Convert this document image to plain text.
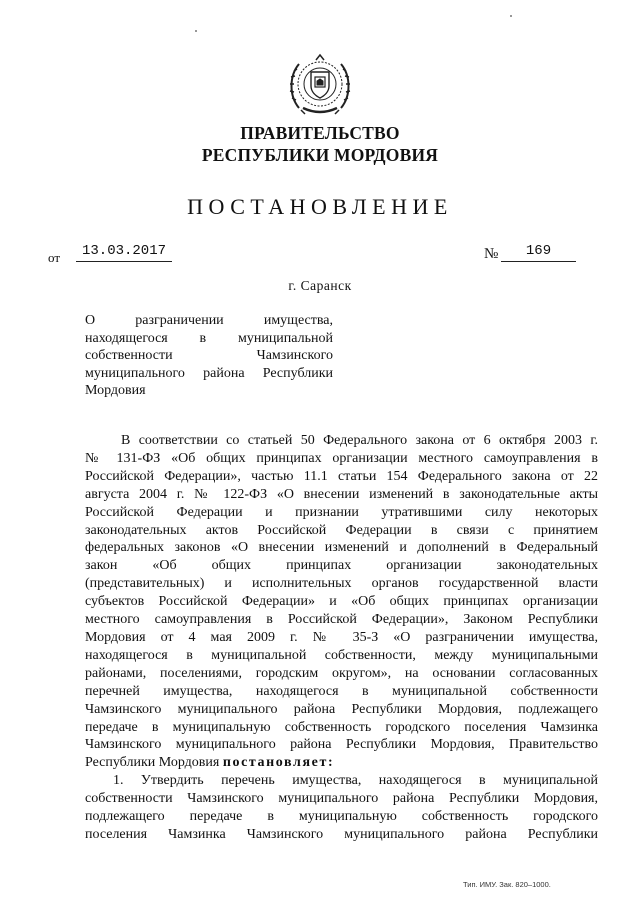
ПРАВИТЕЛЬСТВО
РЕСПУБЛИКИ МОРДОВИЯ
ПОСТАНОВЛЕНИЕ
от	13.03.2017	№	169
г. Саранск
О разграничении имущества,
находящегося в муниципальной
собственности Чамзинского
муниципального района Республики
Мордовия
В соответствии со статьей 50 Федерального закона от 6 октября 2003 г.
№ 131-ФЗ «Об общих принципах организации местного самоуправления в
Российской Федерации», частью 11.1 статьи 154 Федерального закона от 22
августа 2004 г. № 122-ФЗ «О внесении изменений в законодательные акты
Российской Федерации и признании утратившими силу некоторых
законодательных актов Российской Федерации в связи с принятием
федеральных законов «О внесении изменений и дополнений в Федеральный
закон «Об общих принципах организации законодательных
(представительных) и исполнительных органов государственной власти
субъектов Российской Федерации» и «Об общих принципах организации
местного самоуправления в Российской Федерации», Законом Республики
Мордовия от 4 мая 2009 г. № 35-З «О разграничении имущества,
находящегося в муниципальной собственности, между муниципальными
районами, поселениями, городским округом», на основании согласованных
перечней имущества, находящегося в муниципальной собственности
Чамзинского муниципального района Республики Мордовия, подлежащего
передаче в муниципальную собственность городского поселения Чамзинка
Чамзинского муниципального района Республики Мордовия, Правительство
Республики Мордовия постановляет:
1. Утвердить перечень имущества, находящегося в муниципальной
собственности Чамзинского муниципального района Республики Мордовия,
подлежащего передаче в муниципальную собственность городского
поселения Чамзинка Чамзинского муниципального района Республики
Тип. ИМУ. Зак. 820–1000.
